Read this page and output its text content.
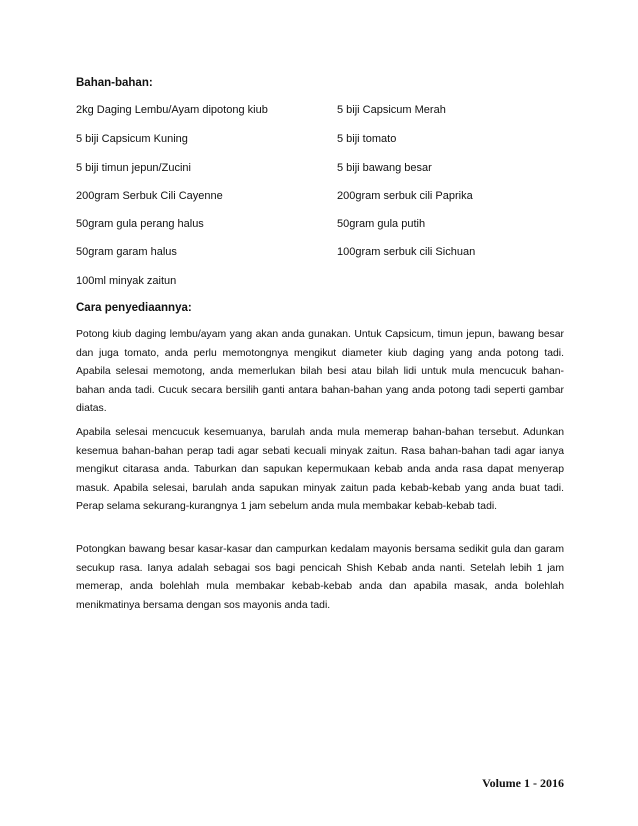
Bahan-bahan:
2kg Daging Lembu/Ayam dipotong kiub	5 biji Capsicum Merah
5 biji Capsicum Kuning	5 biji tomato
5 biji timun jepun/Zucini	5 biji bawang besar
200gram Serbuk Cili Cayenne	200gram serbuk cili Paprika
50gram gula perang halus	50gram gula putih
50gram garam halus	100gram serbuk cili Sichuan
100ml minyak zaitun
Cara penyediaannya:

Potong kiub daging lembu/ayam yang akan anda gunakan. Untuk Capsicum, timun jepun, bawang besar dan juga tomato, anda perlu memotongnya mengikut diameter kiub daging yang anda potong tadi. Apabila selesai memotong, anda memerlukan bilah besi atau bilah lidi untuk mula mencucuk bahan-bahan anda tadi. Cucuk secara bersilih ganti antara bahan-bahan yang anda potong tadi seperti gambar diatas.

Apabila selesai mencucuk kesemuanya, barulah anda mula memerap bahan-bahan tersebut. Adunkan kesemua bahan-bahan perap tadi agar sebati kecuali minyak zaitun. Rasa bahan-bahan tadi agar ianya mengikut citarasa anda. Taburkan dan sapukan kepermukaan kebab anda anda rasa dapat menyerap masuk. Apabila selesai, barulah anda sapukan minyak zaitun pada kebab-kebab yang anda buat tadi. Perap selama sekurang-kurangnya 1 jam sebelum anda mula membakar kebab-kebab tadi.

Potongkan bawang besar kasar-kasar dan campurkan kedalam mayonis bersama sedikit gula dan garam secukup rasa. Ianya adalah sebagai sos bagi pencicah Shish Kebab anda nanti. Setelah lebih 1 jam memerap, anda bolehlah mula membakar kebab-kebab anda dan apabila masak, anda bolehlah menikmatinya bersama dengan sos mayonis anda tadi.

Volume 1 - 2016
